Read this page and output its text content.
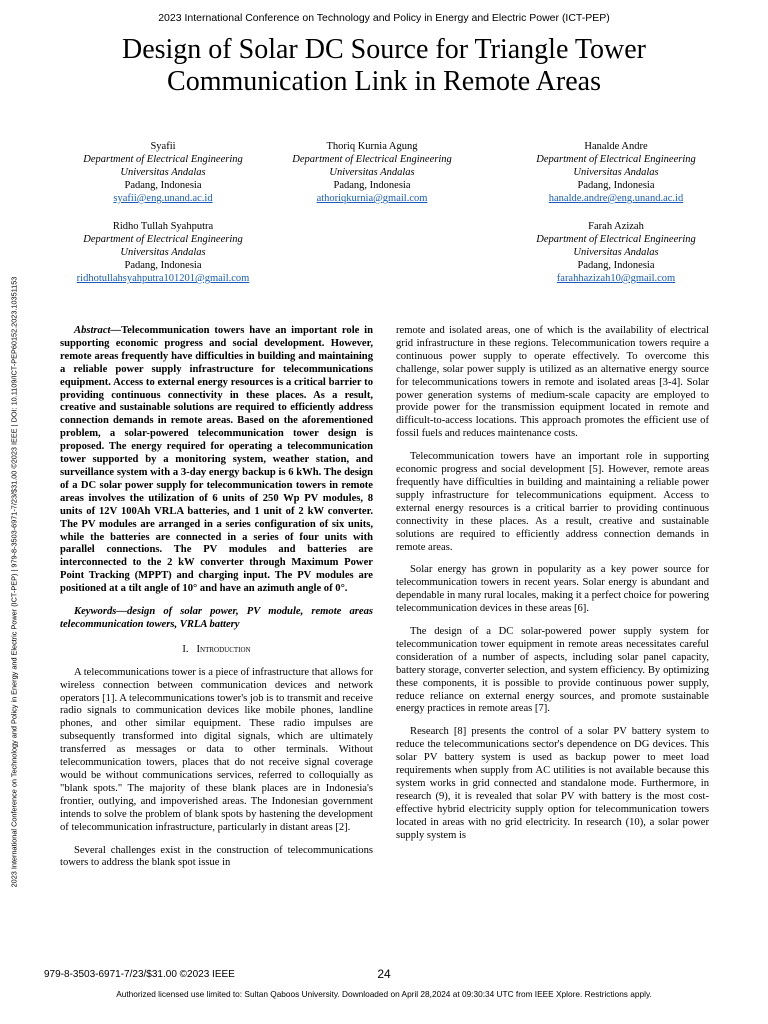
2023 International Conference on Technology and Policy in Energy and Electric Power (ICT-PEP)
Design of Solar DC Source for Triangle Tower
Communication Link in Remote Areas
Syafii
Department of Electrical Engineering
Universitas Andalas
Padang, Indonesia
syafii@eng.unand.ac.id
Thoriq Kurnia Agung
Department of Electrical Engineering
Universitas Andalas
Padang, Indonesia
athoriqkurnia@gmail.com
Hanalde Andre
Department of Electrical Engineering
Universitas Andalas
Padang, Indonesia
hanalde.andre@eng.unand.ac.id
Ridho Tullah Syahputra
Department of Electrical Engineering
Universitas Andalas
Padang, Indonesia
ridhotullahsyahputra101201@gmail.com
Farah Azizah
Department of Electrical Engineering
Universitas Andalas
Padang, Indonesia
farahhazizah10@gmail.com
2023 International Conference on Technology and Policy in Energy and Electric Power (ICT-PEP) | 979-8-3503-6971-7/23/$31.00 ©2023 IEEE | DOI: 10.1109/ICT-PEP60152.2023.10351153	Abstract—Telecommunication towers have an important role in supporting economic progress and social development. However, remote areas frequently have difficulties in building and maintaining a reliable power supply infrastructure for telecommunications equipment. Access to external energy resources is a critical barrier to providing continuous connectivity in these places. As a result, creative and sustainable solutions are required to efficiently address connection demands in remote areas. Based on the aforementioned problem, a solar-powered telecommunication tower design is proposed. The energy required for operating a telecommunication tower supported by a monitoring system, weather station, and surveillance system with a 3-day energy backup is 6 kWh. The design of a DC solar power supply for telecommunication towers in remote areas involves the utilization of 6 units of 250 Wp PV modules, 8 units of 12V 100Ah VRLA batteries, and 1 unit of 2 kW converter. The PV modules are arranged in a series configuration of six units, while the batteries are connected in a series of four units with parallel connections. The PV modules and batteries are interconnected to the 2 kW converter through Maximum Power Point Tracking (MPPT) and charging input. The PV modules are positioned at a tilt angle of 10° and have an azimuth angle of 0°.

Keywords—design of solar power, PV module, remote areas telecommunication towers, VRLA battery

I. Introduction

A telecommunications tower is a piece of infrastructure that allows for wireless connection between communication devices and network operators [1]. A telecommunications tower's job is to transmit and receive radio signals to communication devices like mobile phones, landline phones, and other similar equipment. These radio impulses are subsequently transformed into digital signals, which are ultimately transferred as messages or data to other terminals. Without telecommunication towers, places that do not receive signal coverage would be without communications services, referred to colloquially as "blank spots." The majority of these blank places are in Indonesia's frontier, outlying, and impoverished areas. The Indonesian government intends to solve the problem of blank spots by hastening the development of telecommunication infrastructure, particularly in distant areas [2].

Several challenges exist in the construction of telecommunications towers to address the blank spot issue in

remote and isolated areas, one of which is the availability of electrical grid infrastructure in these regions. Telecommunication towers require a continuous power supply to operate effectively. To overcome this challenge, solar power supply is utilized as an alternative energy source for telecommunications towers in remote and isolated areas [3-4]. Solar power generation systems of medium-scale capacity are employed to provide power for the transmission equipment located in remote and difficult-to-access locations. This approach promotes the efficient use of fossil fuels and reduces maintenance costs.

Telecommunication towers have an important role in supporting economic progress and social development [5]. However, remote areas frequently have difficulties in building and maintaining a reliable power supply infrastructure for telecommunications equipment. Access to external energy resources is a critical barrier to providing continuous connectivity in these places. As a result, creative and sustainable solutions are required to efficiently address connection demands in remote areas.

Solar energy has grown in popularity as a key power source for telecommunication towers in recent years. Solar energy is abundant and dependable in many rural locales, making it a perfect choice for powering telecommunication devices in these areas [6].

The design of a DC solar-powered power supply system for telecommunication tower equipment in remote areas necessitates careful consideration of a number of aspects, including solar panel capacity, battery storage, converter selection, and system efficiency. By optimizing these components, it is possible to provide continuous power supply, reduce reliance on external energy sources, and promote sustainable energy practices in remote areas [7].

Research [8] presents the control of a solar PV battery system to reduce the telecommunications sector's dependence on DG devices. This solar PV battery system is used as backup power to meet load requirements when supply from AC utilities is not available because this system works in grid connected and standalone mode. Furthermore, in research (9), it is revealed that solar PV with battery is the most cost-effective hybrid electricity supply option for telecommunication towers located in areas with no grid electricity. In research (10), a solar power supply system is

979-8-3503-6971-7/23/$31.00 ©2023 IEEE	24
Authorized licensed use limited to: Sultan Qaboos University. Downloaded on April 28,2024 at 09:30:34 UTC from IEEE Xplore. Restrictions apply.
